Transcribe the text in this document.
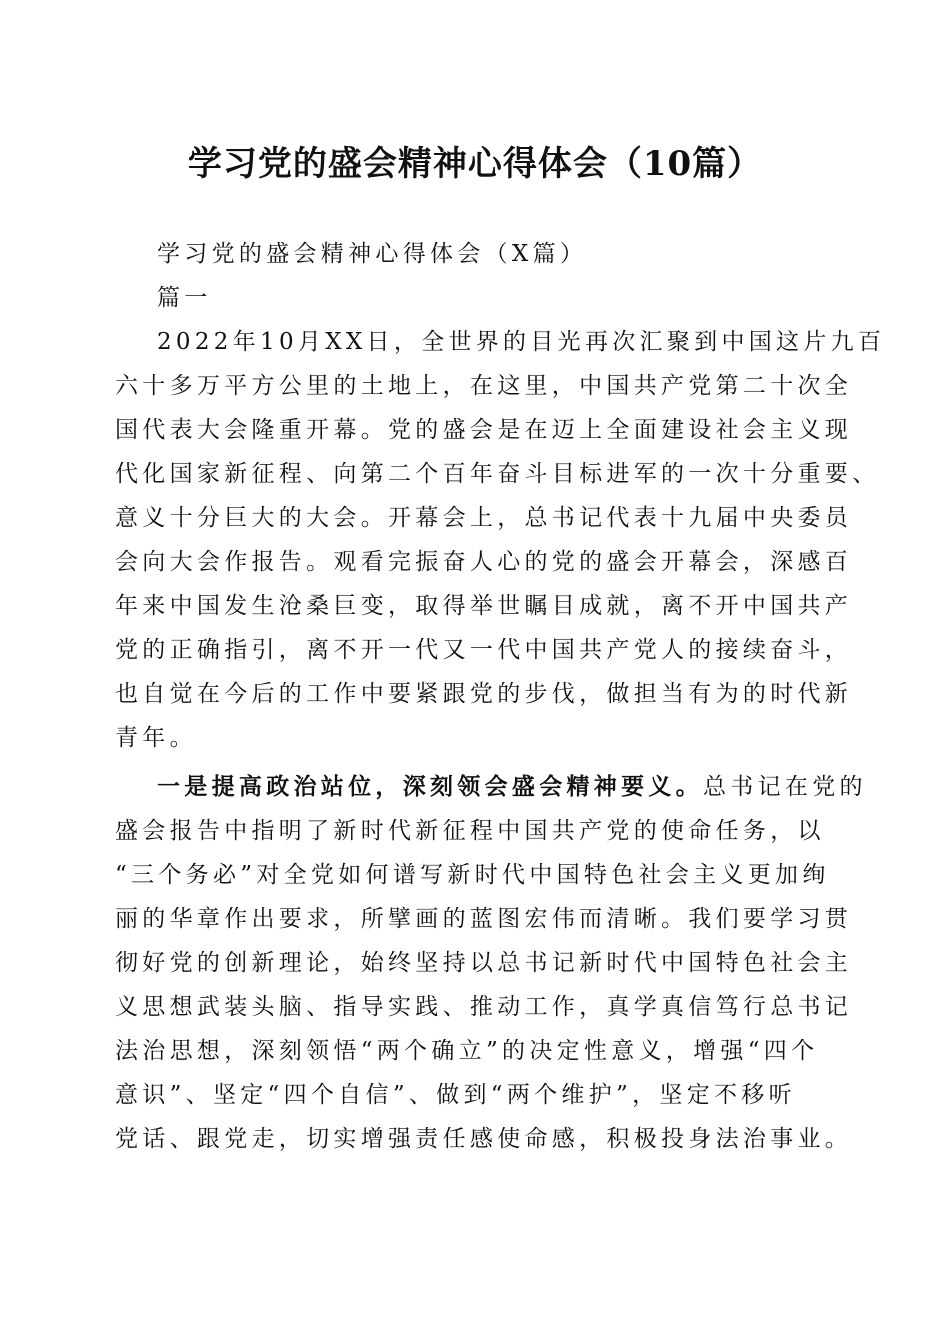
学习党的盛会精神心得体会（10篇）
学习党的盛会精神心得体会（X篇）
篇一
2022年10月XX日，全世界的目光再次汇聚到中国这片九百
六十多万平方公里的土地上，在这里，中国共产党第二十次全
国代表大会隆重开幕。党的盛会是在迈上全面建设社会主义现
代化国家新征程、向第二个百年奋斗目标进军的一次十分重要、
意义十分巨大的大会。开幕会上，总书记代表十九届中央委员
会向大会作报告。观看完振奋人心的党的盛会开幕会，深感百
年来中国发生沧桑巨变，取得举世瞩目成就，离不开中国共产
党的正确指引，离不开一代又一代中国共产党人的接续奋斗，
也自觉在今后的工作中要紧跟党的步伐，做担当有为的时代新
青年。
一是提高政治站位，深刻领会盛会精神要义。总书记在党的
盛会报告中指明了新时代新征程中国共产党的使命任务，以
“三个务必”对全党如何谱写新时代中国特色社会主义更加绚
丽的华章作出要求，所擘画的蓝图宏伟而清晰。我们要学习贯
彻好党的创新理论，始终坚持以总书记新时代中国特色社会主
义思想武装头脑、指导实践、推动工作，真学真信笃行总书记
法治思想，深刻领悟“两个确立”的决定性意义，增强“四个
意识”、坚定“四个自信”、做到“两个维护”，坚定不移听
党话、跟党走，切实增强责任感使命感，积极投身法治事业。
